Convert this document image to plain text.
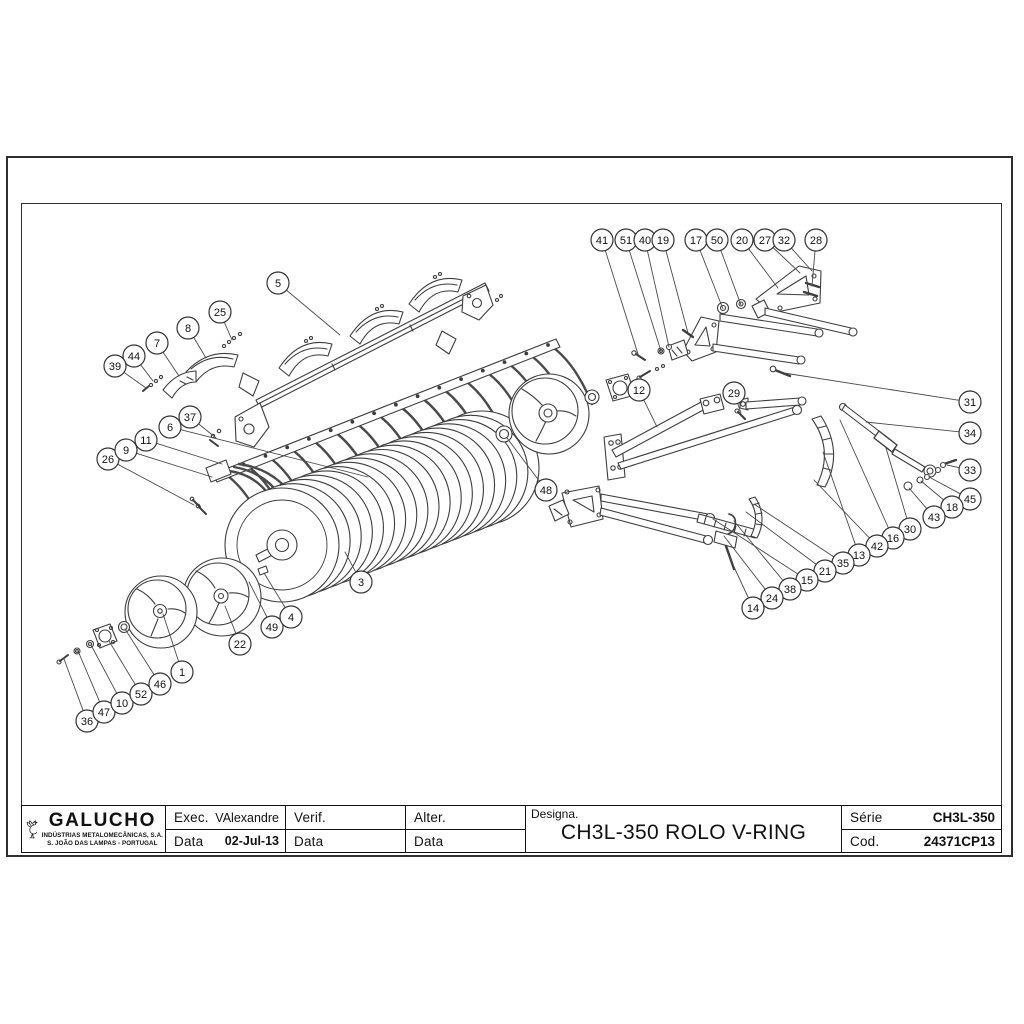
5
25
8
7
44
39
26
9
11
6
37
36
47
10
52
46
1
22
49
4
3
48
41 51 40 19 17 50 20 27 32 28
12	29
31
34
33
45
18
43
30
16
42
13
35
21
15
38
24
14
GALUCHO
INDÚSTRIAS METALOMECÂNICAS, S.A.
S. JOÃO DAS LAMPAS - PORTUGAL
Exec. VAlexandre
Data 02-Jul-13
Verif.
Data
Alter.
Data
Designa.
CH3L-350 ROLO V-RING
Série	CH3L-350
Cod.	24371CP13
